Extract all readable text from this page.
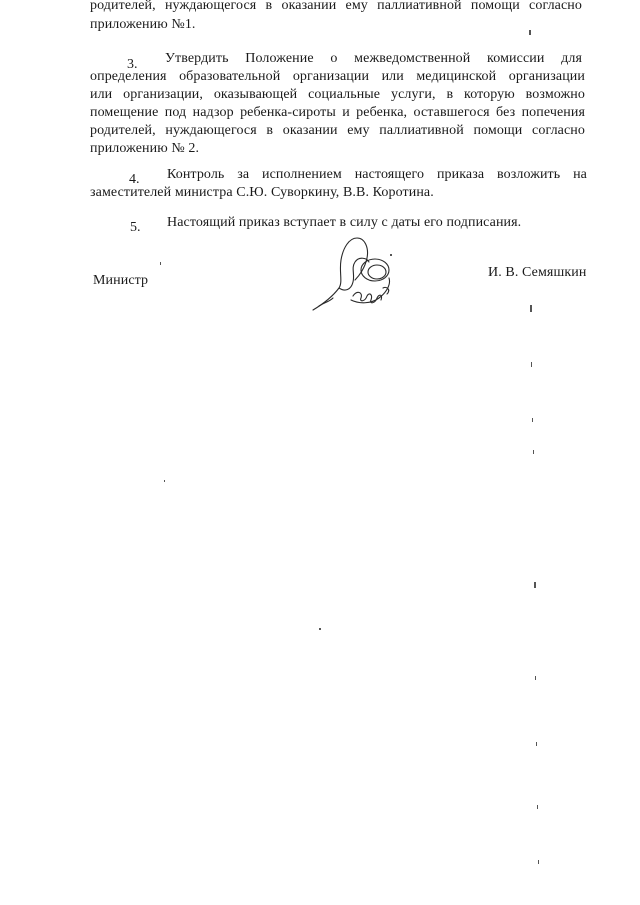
родителей, нуждающегося в оказании ему паллиативной помощи согласно
приложению №1.
3. Утвердить Положение о межведомственной комиссии для
определения образовательной организации или медицинской организации
или организации, оказывающей социальные услуги, в которую возможно
помещение под надзор ребенка-сироты и ребенка, оставшегося без попечения
родителей, нуждающегося в оказании ему паллиативной помощи согласно
приложению № 2.
4. Контроль за исполнением настоящего приказа возложить на
заместителей министра С.Ю. Суворкину, В.В. Коротина.
5. Настоящий приказ вступает в силу с даты его подписания.
Министр
И. В. Семяшкин
